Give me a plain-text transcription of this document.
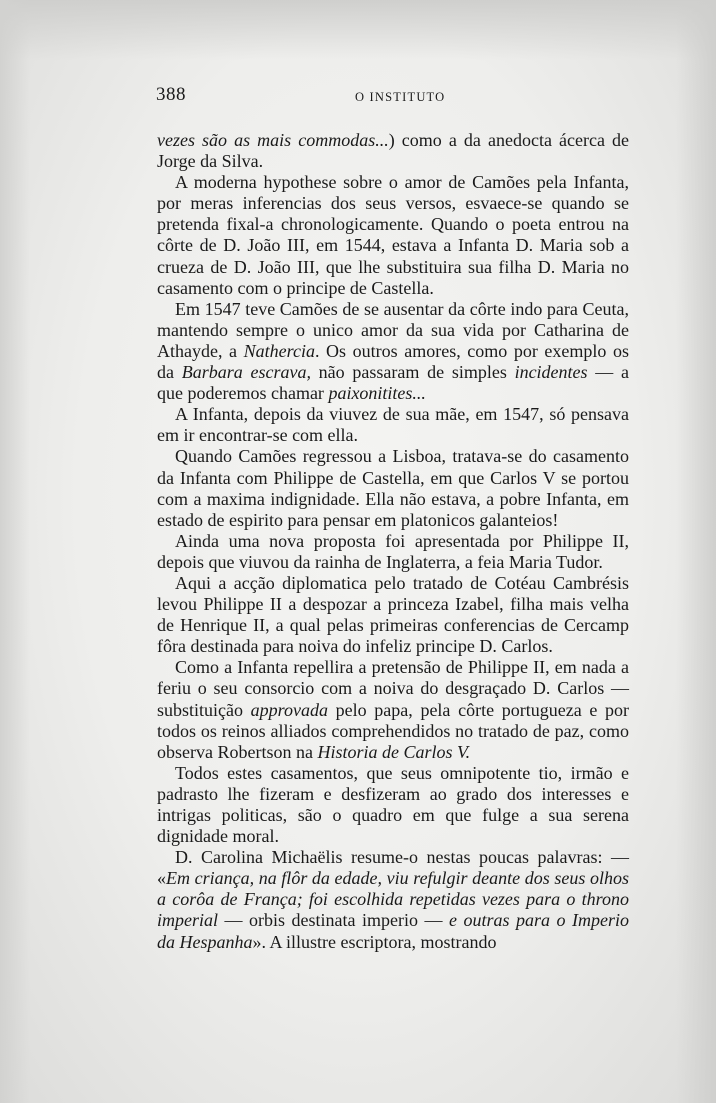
388	O INSTITUTO

vezes são as mais commodas...) como a da anedocta ácerca de Jorge da Silva.

A moderna hypothese sobre o amor de Camões pela Infanta, por meras inferencias dos seus versos, esvaece-se quando se pretenda fixal-a chronologicamente. Quando o poeta entrou na côrte de D. João III, em 1544, estava a Infanta D. Maria sob a crueza de D. João III, que lhe substituira sua filha D. Maria no casamento com o principe de Castella.

Em 1547 teve Camões de se ausentar da côrte indo para Ceuta, mantendo sempre o unico amor da sua vida por Catharina de Athayde, a Nathercia. Os outros amores, como por exemplo os da Barbara escrava, não passaram de simples incidentes — a que poderemos chamar paixonitites...

A Infanta, depois da viuvez de sua mãe, em 1547, só pensava em ir encontrar-se com ella.

Quando Camões regressou a Lisboa, tratava-se do casamento da Infanta com Philippe de Castella, em que Carlos V se portou com a maxima indignidade. Ella não estava, a pobre Infanta, em estado de espirito para pensar em platonicos galanteios!

Ainda uma nova proposta foi apresentada por Philippe II, depois que viuvou da rainha de Inglaterra, a feia Maria Tudor.

Aqui a acção diplomatica pelo tratado de Cotéau Cambrésis levou Philippe II a despozar a princeza Izabel, filha mais velha de Henrique II, a qual pelas primeiras conferencias de Cercamp fôra destinada para noiva do infeliz principe D. Carlos.

Como a Infanta repellira a pretensão de Philippe II, em nada a feriu o seu consorcio com a noiva do desgraçado D. Carlos — substituição approvada pelo papa, pela côrte portugueza e por todos os reinos alliados comprehendidos no tratado de paz, como observa Robertson na Historia de Carlos V.

Todos estes casamentos, que seus omnipotente tio, irmão e padrasto lhe fizeram e desfizeram ao grado dos interesses e intrigas politicas, são o quadro em que fulge a sua serena dignidade moral.

D. Carolina Michaëlis resume-o nestas poucas palavras: — «Em criança, na flôr da edade, viu refulgir deante dos seus olhos a corôa de França; foi escolhida repetidas vezes para o throno imperial — orbis destinata imperio — e outras para o Imperio da Hespanha». A illustre escriptora, mostrando
